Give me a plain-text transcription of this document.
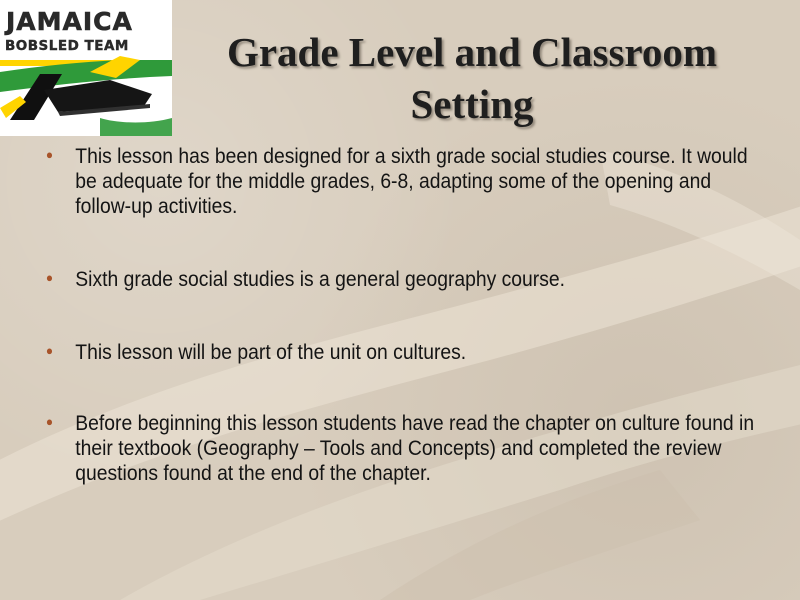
JAMAICA
BOBSLED TEAM	Grade Level and Classroom
Setting
● This lesson has been designed for a sixth grade social studies course. It would be adequate for the middle grades, 6-8, adapting some of the opening and follow-up activities.
● Sixth grade social studies is a general geography course.
● This lesson will be part of the unit on cultures.
● Before beginning this lesson students have read the chapter on culture found in their textbook (Geography – Tools and Concepts) and completed the review questions found at the end of the chapter.
